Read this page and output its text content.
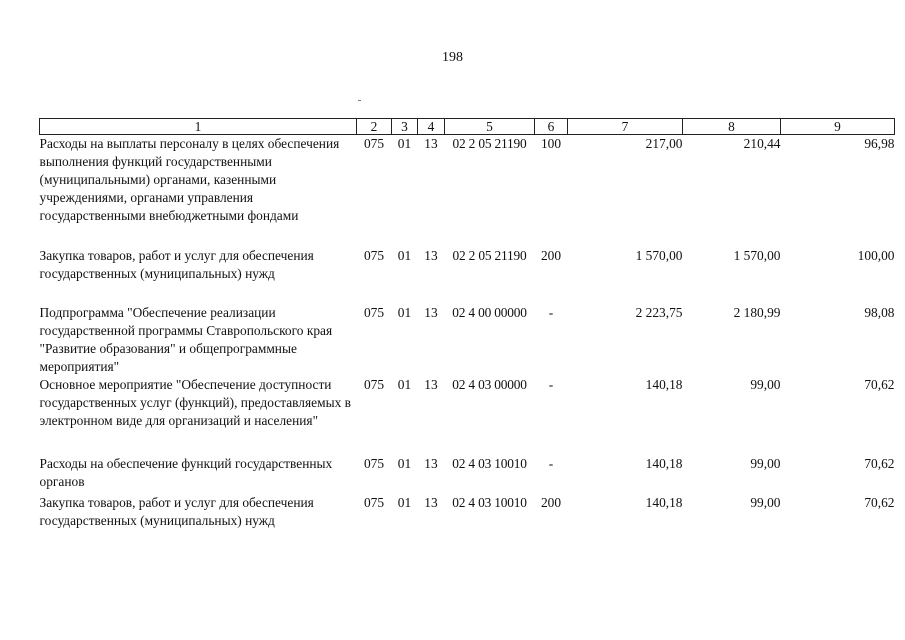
198
1	2	3	4	5	6	7	8	9
Расходы на выплаты персоналу в целях обеспечения выполнения функций государственными (муниципальными) органами, казенными учреждениями, органами управления государственными внебюджетными фондами	075	01	13	02 2 05 21190	100	217,00	210,44	96,98
Закупка товаров, работ и услуг для обеспечения государственных (муниципальных) нужд	075	01	13	02 2 05 21190	200	1 570,00	1 570,00	100,00
Подпрограмма "Обеспечение реализации государственной программы Ставропольского края "Развитие образования" и общепрограммные мероприятия"	075	01	13	02 4 00 00000	-	2 223,75	2 180,99	98,08
Основное мероприятие "Обеспечение доступности государственных услуг (функций), предоставляемых в электронном виде для организаций и населения"	075	01	13	02 4 03 00000	-	140,18	99,00	70,62
Расходы на обеспечение функций государственных органов	075	01	13	02 4 03 10010	-	140,18	99,00	70,62
Закупка товаров, работ и услуг для обеспечения государственных (муниципальных) нужд	075	01	13	02 4 03 10010	200	140,18	99,00	70,62
